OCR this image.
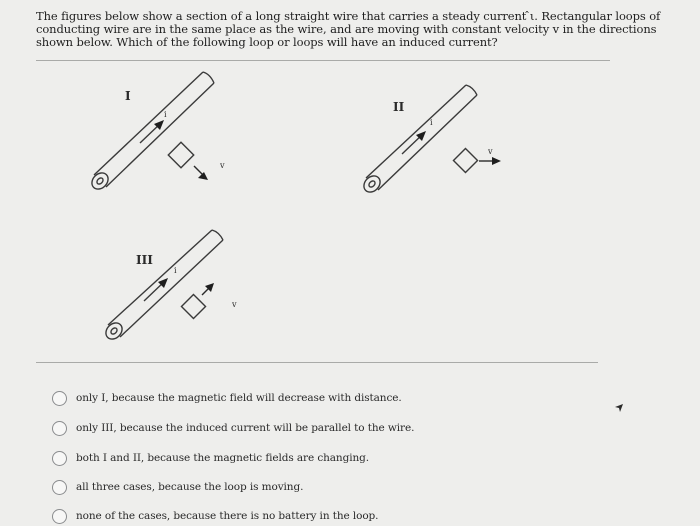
The figures below show a section of a long straight wire that carries a steady current ̂ι. Rectangular loops of
conducting wire are in the same place as the wire, and are moving with constant velocity v in the directions
shown below. Which of the following loop or loops will have an induced current?
I
i
v
II
i
v
III
i
v
only I, because the magnetic field will decrease with distance.
only III, because the induced current will be parallel to the wire.
both I and II, because the magnetic fields are changing.
all three cases, because the loop is moving.
none of the cases, because there is no battery in the loop.
